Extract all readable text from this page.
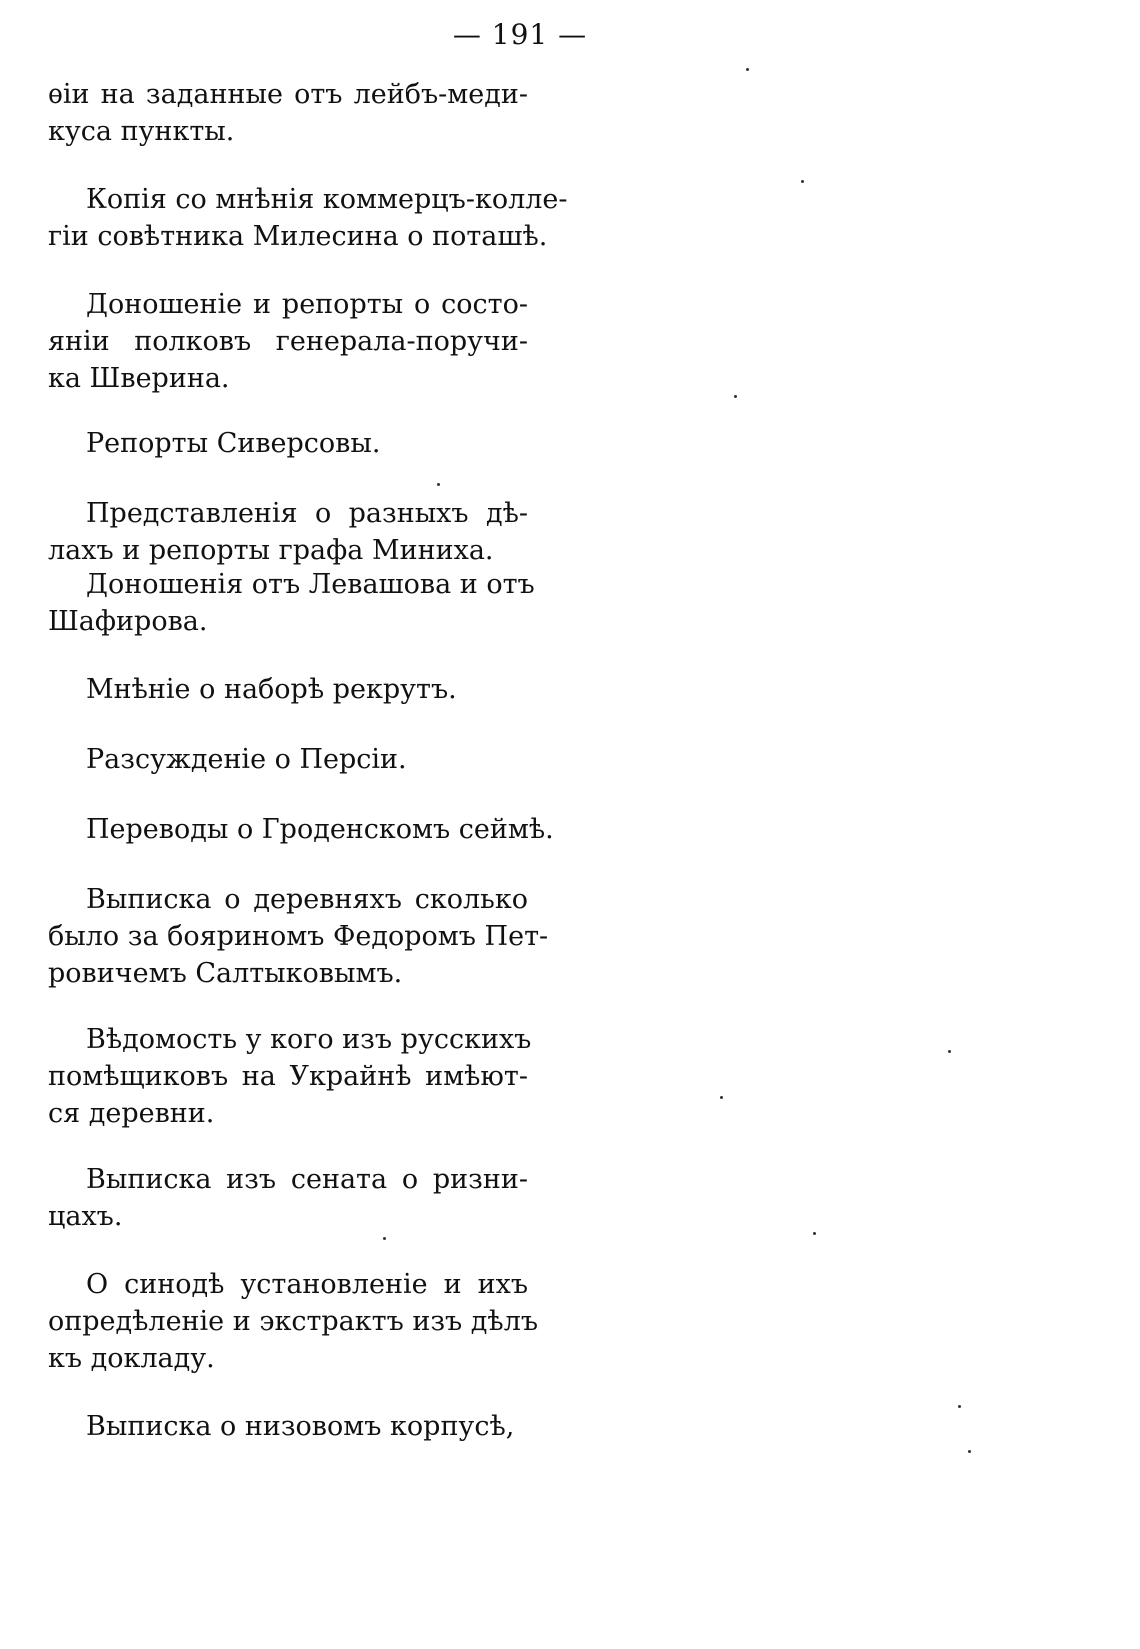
— 191 —

ѳіи на заданные отъ лейбъ-меди-
куса пункты.

Копія со мнѣнія коммерцъ-колле-
гіи совѣтника Милесина о поташѣ.

Доношеніе и репорты о состо-
яніи полковъ генерала-поручи-
ка Шверина.

Репорты Сиверсовы.

Представленія о разныхъ дѣ-
лахъ и репорты графа Миниха.

Доношенія отъ Левашова и отъ
Шафирова.

Мнѣніе о наборѣ рекрутъ.

Разсужденіе о Персіи.

Переводы о Гроденскомъ сеймѣ.

Выписка о деревняхъ сколько
было за бояриномъ Федоромъ Пет-
ровичемъ Салтыковымъ.

Вѣдомость у кого изъ русскихъ
помѣщиковъ на Украйнѣ имѣют-
ся деревни.

Выписка изъ сената о ризни-
цахъ.

О синодѣ установленіе и ихъ
опредѣленіе и экстрактъ изъ дѣлъ
къ докладу.

Выписка о низовомъ корпусѣ,
